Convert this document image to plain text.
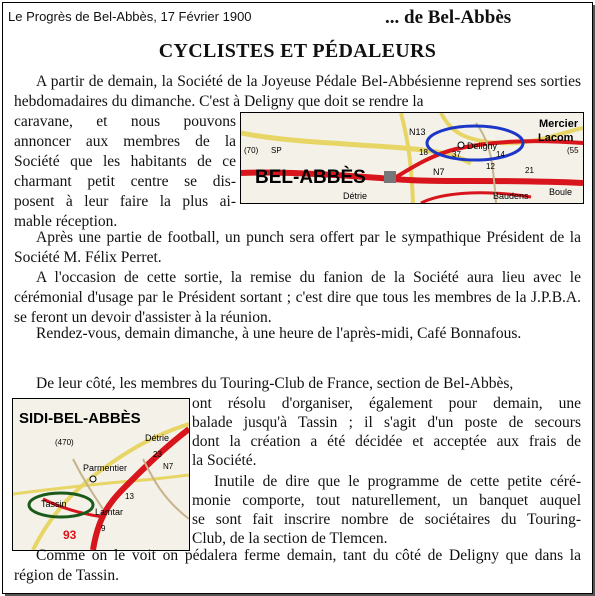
Le Progrès de Bel-Abbès, 17 Février 1900	... de Bel-Abbès
CYCLISTES ET PÉDALEURS
A partir de demain, la Société de la Joyeuse Pédale Bel-Abbésienne reprend ses sorties hebdomadaires du dimanche. C'est à Deligny que doit se rendre la
caravane, et nous pouvons
annoncer aux membres de la
Société que les habitants de ce
charmant petit centre se dis-
posent à leur faire la plus ai-
mable réception.
BEL-ABBÈS
Deligny
Mercier
Lacom
Détrie	Baudens Boule
N13
N7
18
12
37	14
21
(70) SP	(55
Après une partie de football, un punch sera offert par le sympathique Président de la Société M. Félix Perret.
A l'occasion de cette sortie, la remise du fanion de la Société aura lieu avec le cérémonial d'usage par le Président sortant ; c'est dire que tous les membres de la J.P.B.A. se feront un devoir d'assister à la réunion.
Rendez-vous, demain dimanche, à une heure de l'après-midi, Café Bonnafous.
De leur côté, les membres du Touring-Club de France, section de Bel-Abbès,
ont résolu d'organiser, également pour demain, une
balade jusqu'à Tassin ; il s'agit d'un poste de secours
dont la création a été décidée et acceptée aux frais de
la Société.
Inutile de dire que le programme de cette petite céré-
monie comporte, tout naturellement, un banquet auquel
se sont fait inscrire nombre de sociétaires du Touring-
Club, de la section de Tlemcen.
SIDI-BEL-ABBÈS
Détrie
Parmentier
Lamtar
Tassin
(470)
23
9
93
N7
13
Comme on le voit on pédalera ferme demain, tant du côté de Deligny que dans la région de Tassin.
